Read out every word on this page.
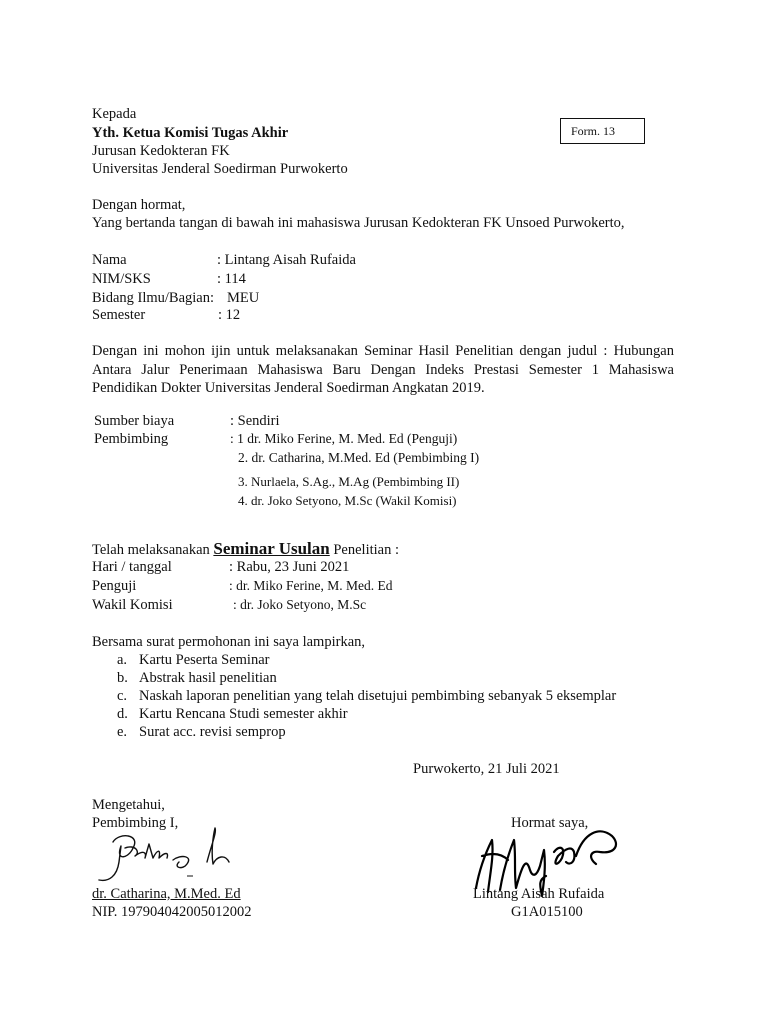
Kepada
Yth. Ketua Komisi Tugas Akhir
Jurusan Kedokteran FK
Universitas Jenderal Soedirman Purwokerto
Form. 13
Dengan hormat,
Yang bertanda tangan di bawah ini mahasiswa Jurusan Kedokteran FK Unsoed Purwokerto,
Nama	: Lintang Aisah Rufaida
NIM/SKS	: 114
Bidang Ilmu/Bagian: MEU
Semester	: 12
Dengan ini mohon ijin untuk melaksanakan Seminar Hasil Penelitian dengan judul : Hubungan Antara Jalur Penerimaan Mahasiswa Baru Dengan Indeks Prestasi Semester 1 Mahasiswa Pendidikan Dokter Universitas Jenderal Soedirman Angkatan 2019.
Sumber biaya	: Sendiri
Pembimbing	: 1 dr. Miko Ferine, M. Med. Ed (Penguji)
2. dr. Catharina, M.Med. Ed (Pembimbing I)
3. Nurlaela, S.Ag., M.Ag (Pembimbing II)
4. dr. Joko Setyono, M.Sc (Wakil Komisi)
Telah melaksanakan Seminar Usulan Penelitian :
Hari / tanggal	: Rabu, 23 Juni 2021
Penguji	: dr. Miko Ferine, M. Med. Ed
Wakil Komisi	: dr. Joko Setyono, M.Sc
Bersama surat permohonan ini saya lampirkan,
a. Kartu Peserta Seminar
b. Abstrak hasil penelitian
c. Naskah laporan penelitian yang telah disetujui pembimbing sebanyak 5 eksemplar
d. Kartu Rencana Studi semester akhir
e. Surat acc. revisi semprop
Purwokerto, 21 Juli 2021
Mengetahui,
Pembimbing I,
dr. Catharina, M.Med. Ed
NIP. 197904042005012002
Hormat saya,
Lintang Aisah Rufaida
G1A015100
